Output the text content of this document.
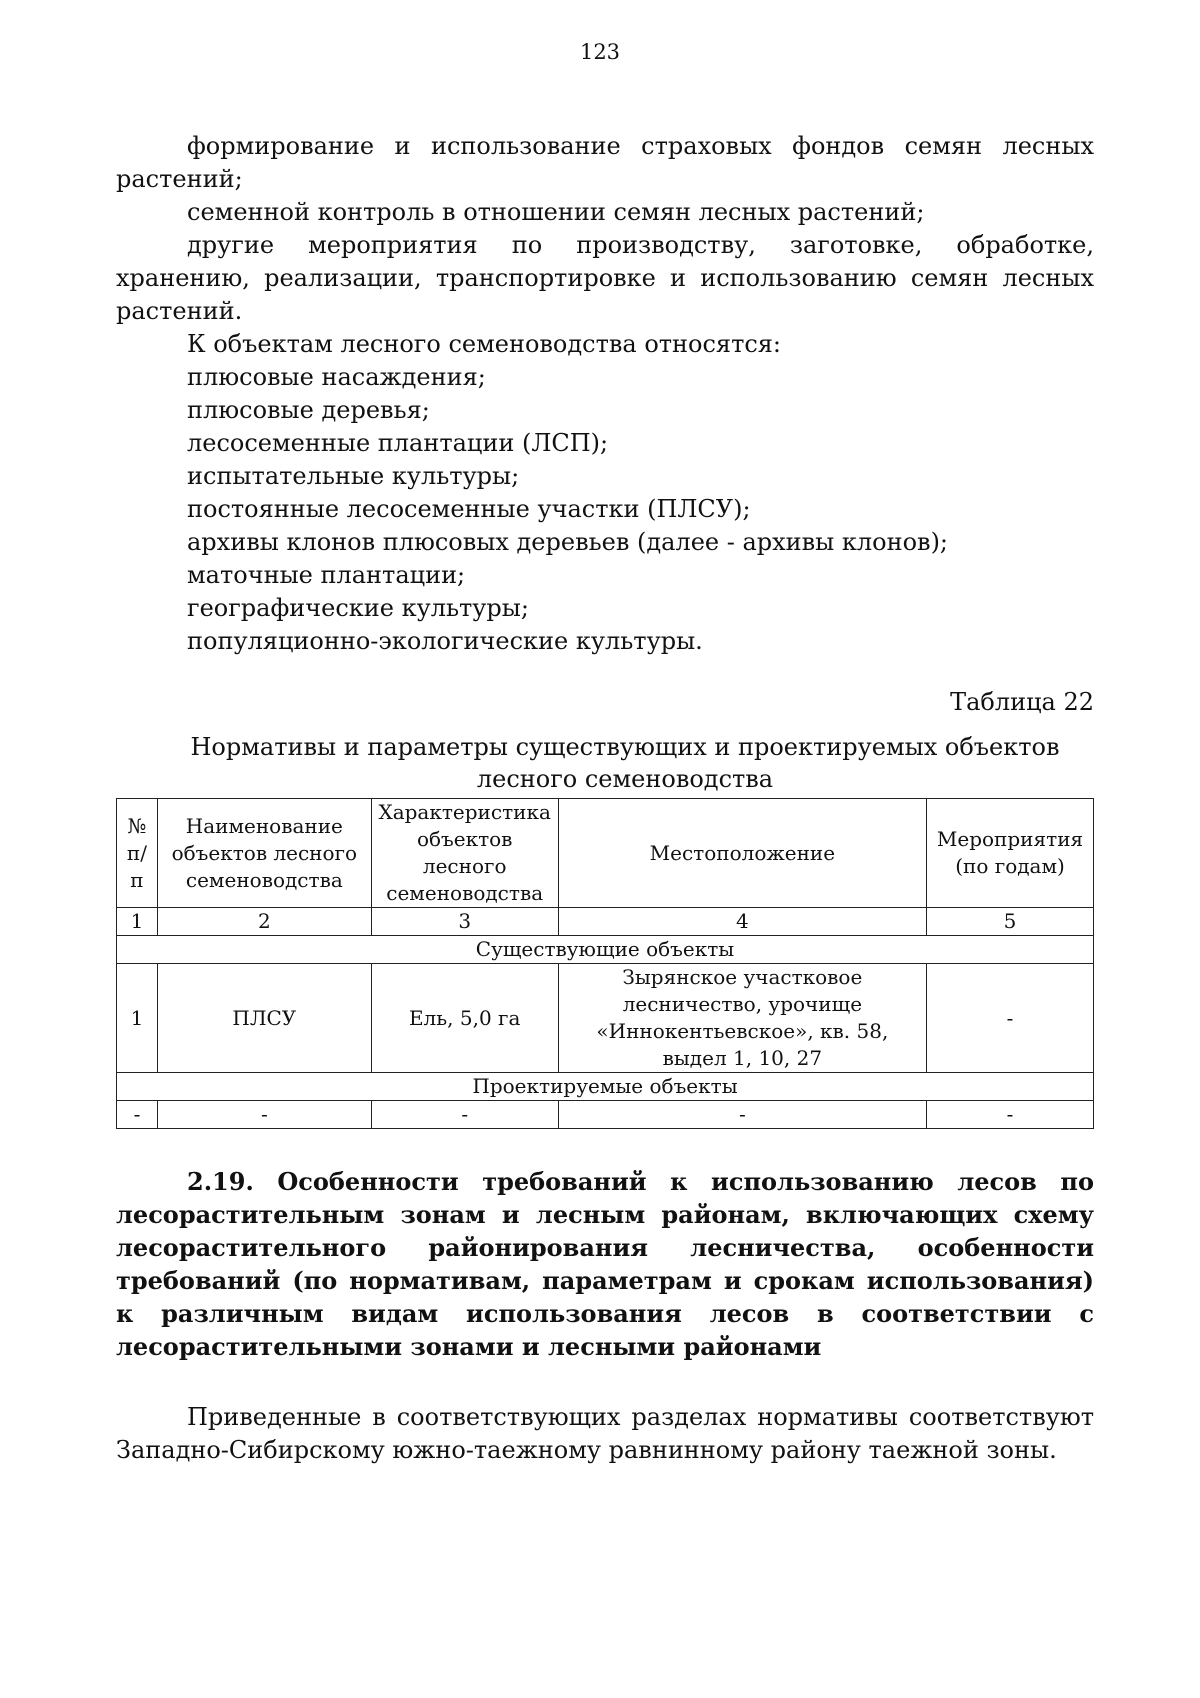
123

формирование и использование страховых фондов семян лесных растений;

семенной контроль в отношении семян лесных растений;

другие мероприятия по производству, заготовке, обработке, хранению, реализации, транспортировке и использованию семян лесных растений.

К объектам лесного семеноводства относятся:

плюсовые насаждения;

плюсовые деревья;

лесосеменные плантации (ЛСП);

испытательные культуры;

постоянные лесосеменные участки (ПЛСУ);

архивы клонов плюсовых деревьев (далее - архивы клонов);

маточные плантации;

географические культуры;

популяционно-экологические культуры.

Таблица 22
Нормативы и параметры существующих и проектируемых объектов
лесного семеноводства
№
п/п	Наименование объектов лесного семеноводства	Характеристика объектов лесного семеноводства	Местоположение	Мероприятия (по годам)
1	2	3	4	5
Существующие объекты				
1	ПЛСУ	Ель, 5,0 га	Зырянское участковое лесничество, урочище «Иннокентьевское», кв. 58, выдел 1, 10, 27	-
Проектируемые объекты				
-	-	-	-	-

2.19. Особенности требований к использованию лесов по лесорастительным зонам и лесным районам, включающих схему лесорастительного районирования лесничества, особенности требований (по нормативам, параметрам и срокам использования) к различным видам использования лесов в соответствии с лесорастительными зонами и лесными районами

Приведенные в соответствующих разделах нормативы соответствуют Западно-Сибирскому южно-таежному равнинному району таежной зоны.
